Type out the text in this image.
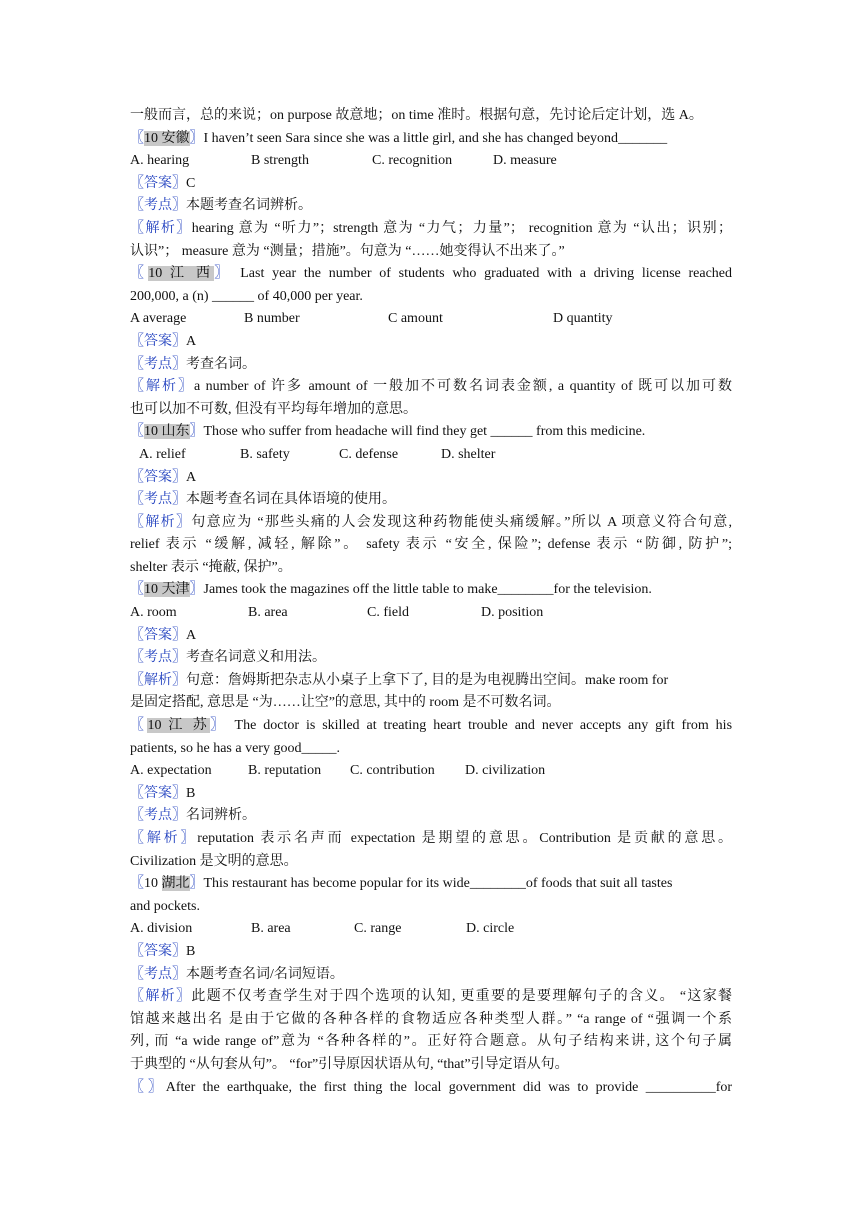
一般而言，总的来说；on purpose 故意地；on time 准时。根据句意，先讨论后定计划，选 A。
〖10 安徽〗I haven’t seen Sara since she was a little girl, and she has changed beyond_______
A. hearing	B strength	C. recognition	D. measure
〖答案〗C
〖考点〗本题考查名词辨析。
〖解析〗hearing 意为 “听力”；strength 意为 “力气；力量”； recognition 意为 “认出；识别；
认识”； measure 意为 “测量；措施”。句意为 “……她变得认不出来了。”
〖10 江 西〗 Last year the number of students who graduated with a driving license reached
200,000, a (n) ______ of 40,000 per year.
A average	B number	C amount	D quantity
〖答案〗A
〖考点〗考查名词。
〖解析〗a number of 许多 amount of 一般加不可数名词表金额, a quantity of 既可以加可数
也可以加不可数, 但没有平均每年增加的意思。
〖10 山东〗Those who suffer from headache will find they get ______ from this medicine.
A. relief	B. safety	C. defense	D. shelter
〖答案〗A
〖考点〗本题考查名词在具体语境的使用。
〖解析〗句意应为 “那些头痛的人会发现这种药物能使头痛缓解。”所以 A 项意义符合句意,
relief 表示 “缓解, 减轻, 解除”。 safety 表示 “安全, 保险”; defense 表示 “防御, 防护”;
shelter 表示 “掩蔽, 保护”。
〖10 天津〗James took the magazines off the little table to make________for the television.
A. room	B. area	C. field	D. position
〖答案〗A
〖考点〗考查名词意义和用法。
〖解析〗句意：詹姆斯把杂志从小桌子上拿下了, 目的是为电视腾出空间。make room for
是固定搭配, 意思是 “为……让空”的意思, 其中的 room 是不可数名词。
〖10 江 苏〗 The doctor is skilled at treating heart trouble and never accepts any gift from his
patients, so he has a very good_____.
A. expectation	B. reputation	C. contribution	D. civilization
〖答案〗B
〖考点〗名词辨析。
〖解析〗reputation 表示名声而 expectation 是期望的意思。Contribution 是贡献的意思。
Civilization 是文明的意思。
〖10 湖北〗This restaurant has become popular for its wide________of foods that suit all tastes
and pockets.
A. division	B. area	C. range	D. circle
〖答案〗B
〖考点〗本题考查名词/名词短语。
〖解析〗此题不仅考查学生对于四个选项的认知, 更重要的是要理解句子的含义。 “这家餐
馆越来越出名 是由于它做的各种各样的食物适应各种类型人群。” “a range of “强调一个系
列, 而 “a wide range of”意为 “各种各样的”。正好符合题意。从句子结构来讲, 这个句子属
于典型的 “从句套从句”。 “for”引导原因状语从句, “that”引导定语从句。
〖〗After the earthquake, the first thing the local government did was to provide __________for
